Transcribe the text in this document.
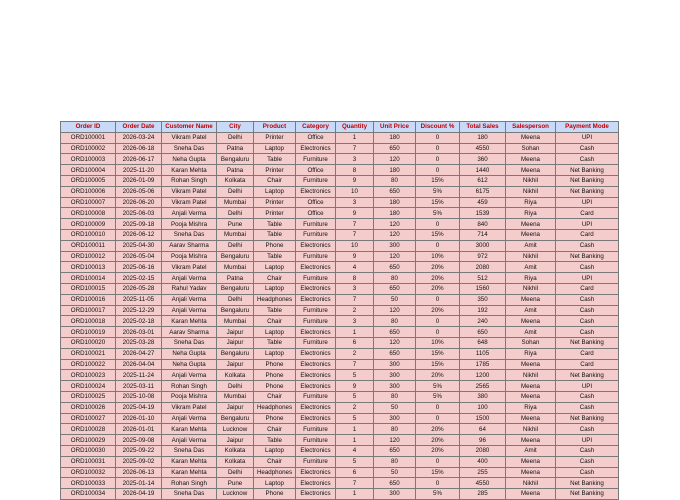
Order ID	Order Date	Customer Name	City	Product	Category	Quantity	Unit Price	Discount %	Total Sales	Salesperson	Payment Mode
ORD100001	2026-03-24	Vikram Patel	Delhi	Printer	Office	1	180	0	180	Meena	UPI
ORD100002	2026-06-18	Sneha Das	Patna	Laptop	Electronics	7	650	0	4550	Sohan	Cash
ORD100003	2026-06-17	Neha Gupta	Bengaluru	Table	Furniture	3	120	0	360	Meena	Cash
ORD100004	2025-11-20	Karan Mehta	Patna	Printer	Office	8	180	0	1440	Meena	Net Banking
ORD100005	2026-01-09	Rohan Singh	Kolkata	Chair	Furniture	9	80	15%	612	Nikhil	Net Banking
ORD100006	2026-05-06	Vikram Patel	Delhi	Laptop	Electronics	10	650	5%	6175	Nikhil	Net Banking
ORD100007	2026-06-20	Vikram Patel	Mumbai	Printer	Office	3	180	15%	459	Riya	UPI
ORD100008	2025-06-03	Anjali Verma	Delhi	Printer	Office	9	180	5%	1539	Riya	Card
ORD100009	2025-09-18	Pooja Mishra	Pune	Table	Furniture	7	120	0	840	Meena	UPI
ORD100010	2026-06-12	Sneha Das	Mumbai	Table	Furniture	7	120	15%	714	Meena	Card
ORD100011	2025-04-30	Aarav Sharma	Delhi	Phone	Electronics	10	300	0	3000	Amit	Cash
ORD100012	2026-05-04	Pooja Mishra	Bengaluru	Table	Furniture	9	120	10%	972	Nikhil	Net Banking
ORD100013	2025-06-16	Vikram Patel	Mumbai	Laptop	Electronics	4	650	20%	2080	Amit	Cash
ORD100014	2025-02-15	Anjali Verma	Patna	Chair	Furniture	8	80	20%	512	Riya	UPI
ORD100015	2026-05-28	Rahul Yadav	Bengaluru	Laptop	Electronics	3	650	20%	1560	Nikhil	Card
ORD100016	2025-11-05	Anjali Verma	Delhi	Headphones	Electronics	7	50	0	350	Meena	Cash
ORD100017	2025-12-29	Anjali Verma	Bengaluru	Table	Furniture	2	120	20%	192	Amit	Cash
ORD100018	2025-02-18	Karan Mehta	Mumbai	Chair	Furniture	3	80	0	240	Meena	Cash
ORD100019	2026-03-01	Aarav Sharma	Jaipur	Laptop	Electronics	1	650	0	650	Amit	Cash
ORD100020	2025-03-28	Sneha Das	Jaipur	Table	Furniture	6	120	10%	648	Sohan	Net Banking
ORD100021	2026-04-27	Neha Gupta	Bengaluru	Laptop	Electronics	2	650	15%	1105	Riya	Card
ORD100022	2026-04-04	Neha Gupta	Jaipur	Phone	Electronics	7	300	15%	1785	Meena	Card
ORD100023	2025-11-24	Anjali Verma	Kolkata	Phone	Electronics	5	300	20%	1200	Nikhil	Net Banking
ORD100024	2025-03-11	Rohan Singh	Delhi	Phone	Electronics	9	300	5%	2565	Meena	UPI
ORD100025	2025-10-08	Pooja Mishra	Mumbai	Chair	Furniture	5	80	5%	380	Meena	Cash
ORD100026	2025-04-19	Vikram Patel	Jaipur	Headphones	Electronics	2	50	0	100	Riya	Cash
ORD100027	2026-01-10	Anjali Verma	Bengaluru	Phone	Electronics	5	300	0	1500	Meena	Net Banking
ORD100028	2026-01-01	Karan Mehta	Lucknow	Chair	Furniture	1	80	20%	64	Nikhil	Cash
ORD100029	2025-09-08	Anjali Verma	Jaipur	Table	Furniture	1	120	20%	96	Meena	UPI
ORD100030	2025-09-22	Sneha Das	Kolkata	Laptop	Electronics	4	650	20%	2080	Amit	Cash
ORD100031	2025-09-02	Karan Mehta	Kolkata	Chair	Furniture	5	80	0	400	Meena	Cash
ORD100032	2026-06-13	Karan Mehta	Delhi	Headphones	Electronics	6	50	15%	255	Meena	Cash
ORD100033	2025-01-14	Rohan Singh	Pune	Laptop	Electronics	7	650	0	4550	Nikhil	Net Banking
ORD100034	2026-04-19	Sneha Das	Lucknow	Phone	Electronics	1	300	5%	285	Meena	Net Banking
